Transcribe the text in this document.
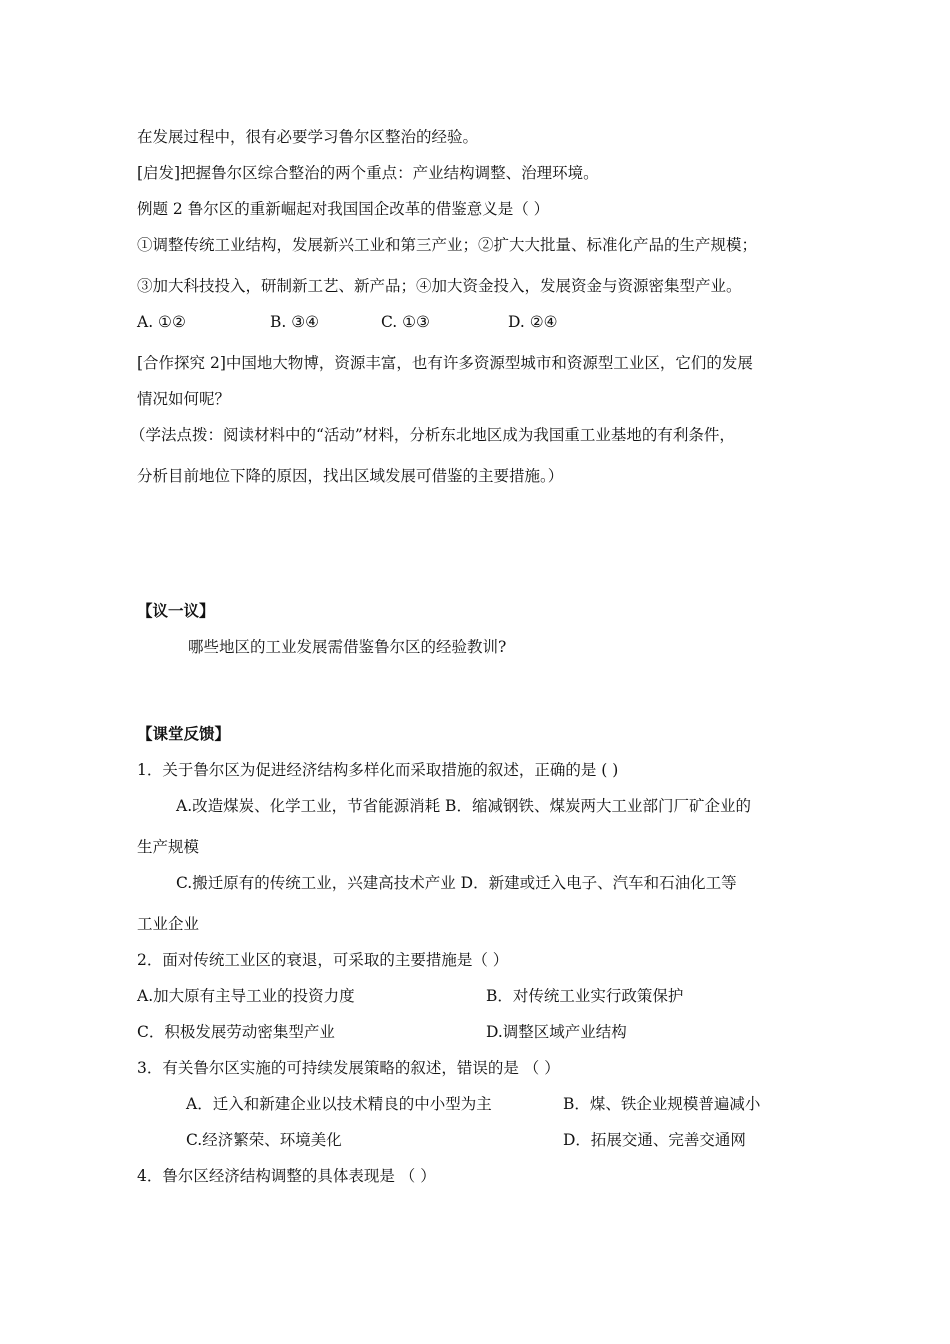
在发展过程中，很有必要学习鲁尔区整治的经验。
[启发]把握鲁尔区综合整治的两个重点：产业结构调整、治理环境。
例题 2 鲁尔区的重新崛起对我国国企改革的借鉴意义是（ ）
①调整传统工业结构，发展新兴工业和第三产业；②扩大大批量、标准化产品的生产规模；
③加大科技投入，研制新工艺、新产品；④加大资金投入，发展资金与资源密集型产业。
A. ①②	B. ③④	C. ①③	D. ②④
[合作探究 2]中国地大物博，资源丰富，也有许多资源型城市和资源型工业区，它们的发展
情况如何呢？
（学法点拨：阅读材料中的“活动”材料，分析东北地区成为我国重工业基地的有利条件，
分析目前地位下降的原因，找出区域发展可借鉴的主要措施。）
【议一议】
哪些地区的工业发展需借鉴鲁尔区的经验教训?
【课堂反馈】
1．关于鲁尔区为促进经济结构多样化而采取措施的叙述，正确的是 ( )
A.改造煤炭、化学工业，节省能源消耗 B．缩减钢铁、煤炭两大工业部门厂矿企业的
生产规模
C.搬迁原有的传统工业，兴建高技术产业 D．新建或迁入电子、汽车和石油化工等
工业企业
2．面对传统工业区的衰退，可采取的主要措施是（ ）
A.加大原有主导工业的投资力度	B．对传统工业实行政策保护
C．积极发展劳动密集型产业	D.调整区域产业结构
3．有关鲁尔区实施的可持续发展策略的叙述，错误的是 （ ）
A．迁入和新建企业以技术精良的中小型为主	B．煤、铁企业规模普遍减小
C.经济繁荣、环境美化	D．拓展交通、完善交通网
4．鲁尔区经济结构调整的具体表现是 （ ）
